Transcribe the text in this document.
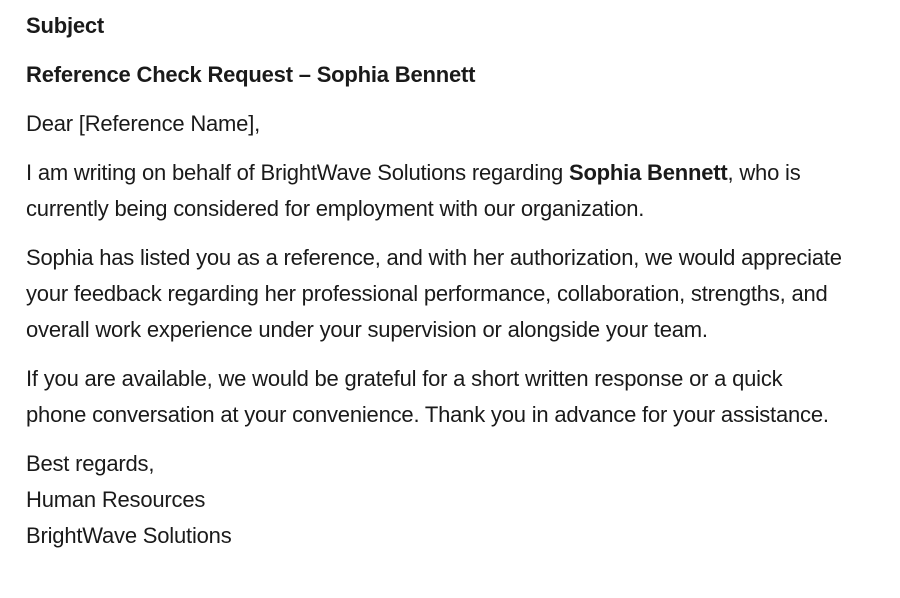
Subject

Reference Check Request – Sophia Bennett

Dear [Reference Name],

I am writing on behalf of BrightWave Solutions regarding Sophia Bennett, who is currently being considered for employment with our organization.

Sophia has listed you as a reference, and with her authorization, we would appreciate your feedback regarding her professional performance, collaboration, strengths, and overall work experience under your supervision or alongside your team.

If you are available, we would be grateful for a short written response or a quick phone conversation at your convenience. Thank you in advance for your assistance.

Best regards,
Human Resources
BrightWave Solutions
